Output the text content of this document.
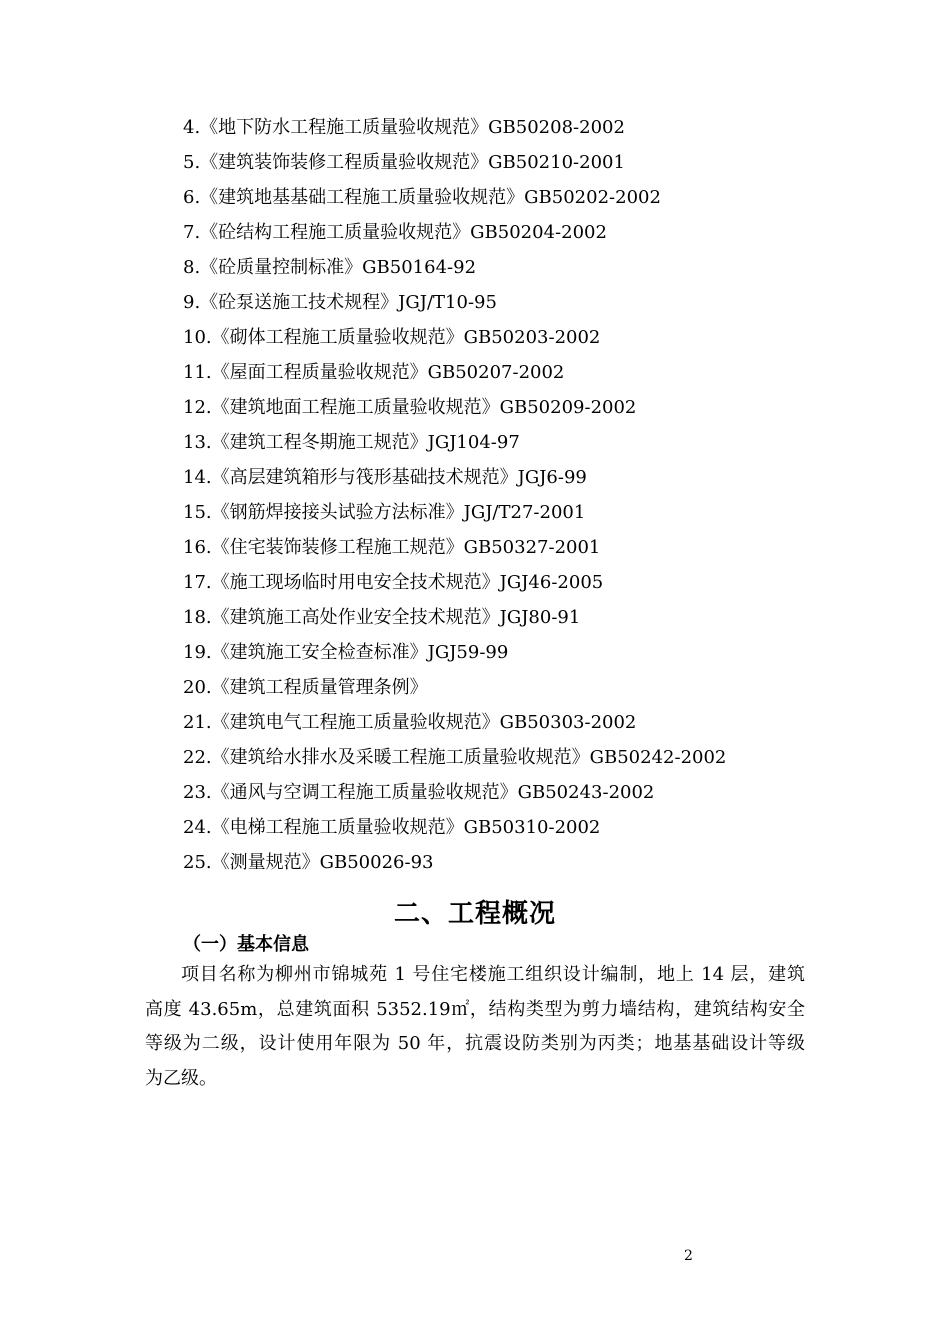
4.《地下防水工程施工质量验收规范》GB50208-2002
5.《建筑装饰装修工程质量验收规范》GB50210-2001
6.《建筑地基基础工程施工质量验收规范》GB50202-2002
7.《砼结构工程施工质量验收规范》GB50204-2002
8.《砼质量控制标准》GB50164-92
9.《砼泵送施工技术规程》JGJ/T10-95
10.《砌体工程施工质量验收规范》GB50203-2002
11.《屋面工程质量验收规范》GB50207-2002
12.《建筑地面工程施工质量验收规范》GB50209-2002
13.《建筑工程冬期施工规范》JGJ104-97
14.《高层建筑箱形与筏形基础技术规范》JGJ6-99
15.《钢筋焊接接头试验方法标准》JGJ/T27-2001
16.《住宅装饰装修工程施工规范》GB50327-2001
17.《施工现场临时用电安全技术规范》JGJ46-2005
18.《建筑施工高处作业安全技术规范》JGJ80-91
19.《建筑施工安全检查标准》JGJ59-99
20.《建筑工程质量管理条例》
21.《建筑电气工程施工质量验收规范》GB50303-2002
22.《建筑给水排水及采暖工程施工质量验收规范》GB50242-2002
23.《通风与空调工程施工质量验收规范》GB50243-2002
24.《电梯工程施工质量验收规范》GB50310-2002
25.《测量规范》GB50026-93
二、工程概况
（一）基本信息
项目名称为柳州市锦城苑 1 号住宅楼施工组织设计编制，地上 14 层，建筑
高度 43.65m，总建筑面积 5352.19㎡，结构类型为剪力墙结构，建筑结构安全
等级为二级，设计使用年限为 50 年，抗震设防类别为丙类；地基基础设计等级
为乙级。
2
